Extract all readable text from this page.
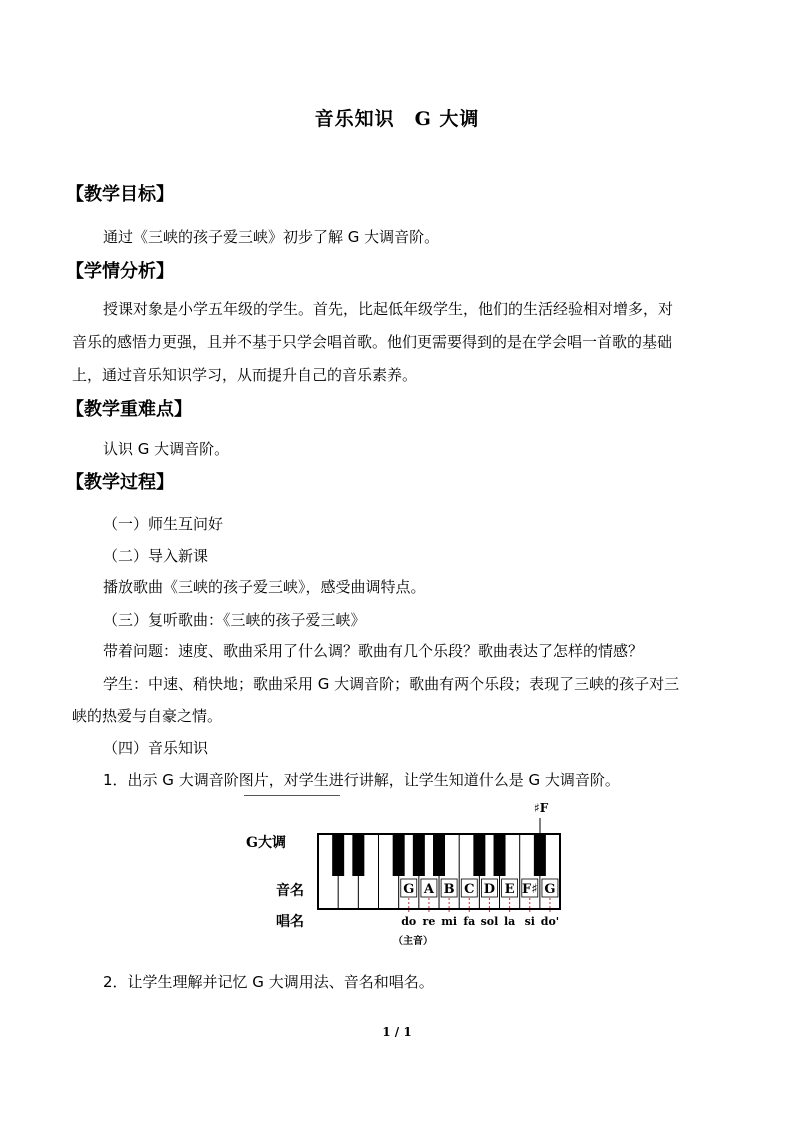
音乐知识　G 大调
【教学目标】
通过《三峡的孩子爱三峡》初步了解 G 大调音阶。
【学情分析】
授课对象是小学五年级的学生。首先，比起低年级学生，他们的生活经验相对增多，对
音乐的感悟力更强，且并不基于只学会唱首歌。他们更需要得到的是在学会唱一首歌的基础
上，通过音乐知识学习，从而提升自己的音乐素养。
【教学重难点】
认识 G 大调音阶。
【教学过程】
（一）师生互问好
（二）导入新课
播放歌曲《三峡的孩子爱三峡》，感受曲调特点。
（三）复听歌曲：《三峡的孩子爱三峡》
带着问题：速度、歌曲采用了什么调？歌曲有几个乐段？歌曲表达了怎样的情感？
学生：中速、稍快地；歌曲采用 G 大调音阶；歌曲有两个乐段；表现了三峡的孩子对三
峡的热爱与自豪之情。
（四）音乐知识
1．出示 G 大调音阶图片，对学生进行讲解，让学生知道什么是 G 大调音阶。
G大调
音名
唱名
♯F
G A B C D E F♯ G
do re mi fa sol la si do'
（主音）
2．让学生理解并记忆 G 大调用法、音名和唱名。
1 / 1
